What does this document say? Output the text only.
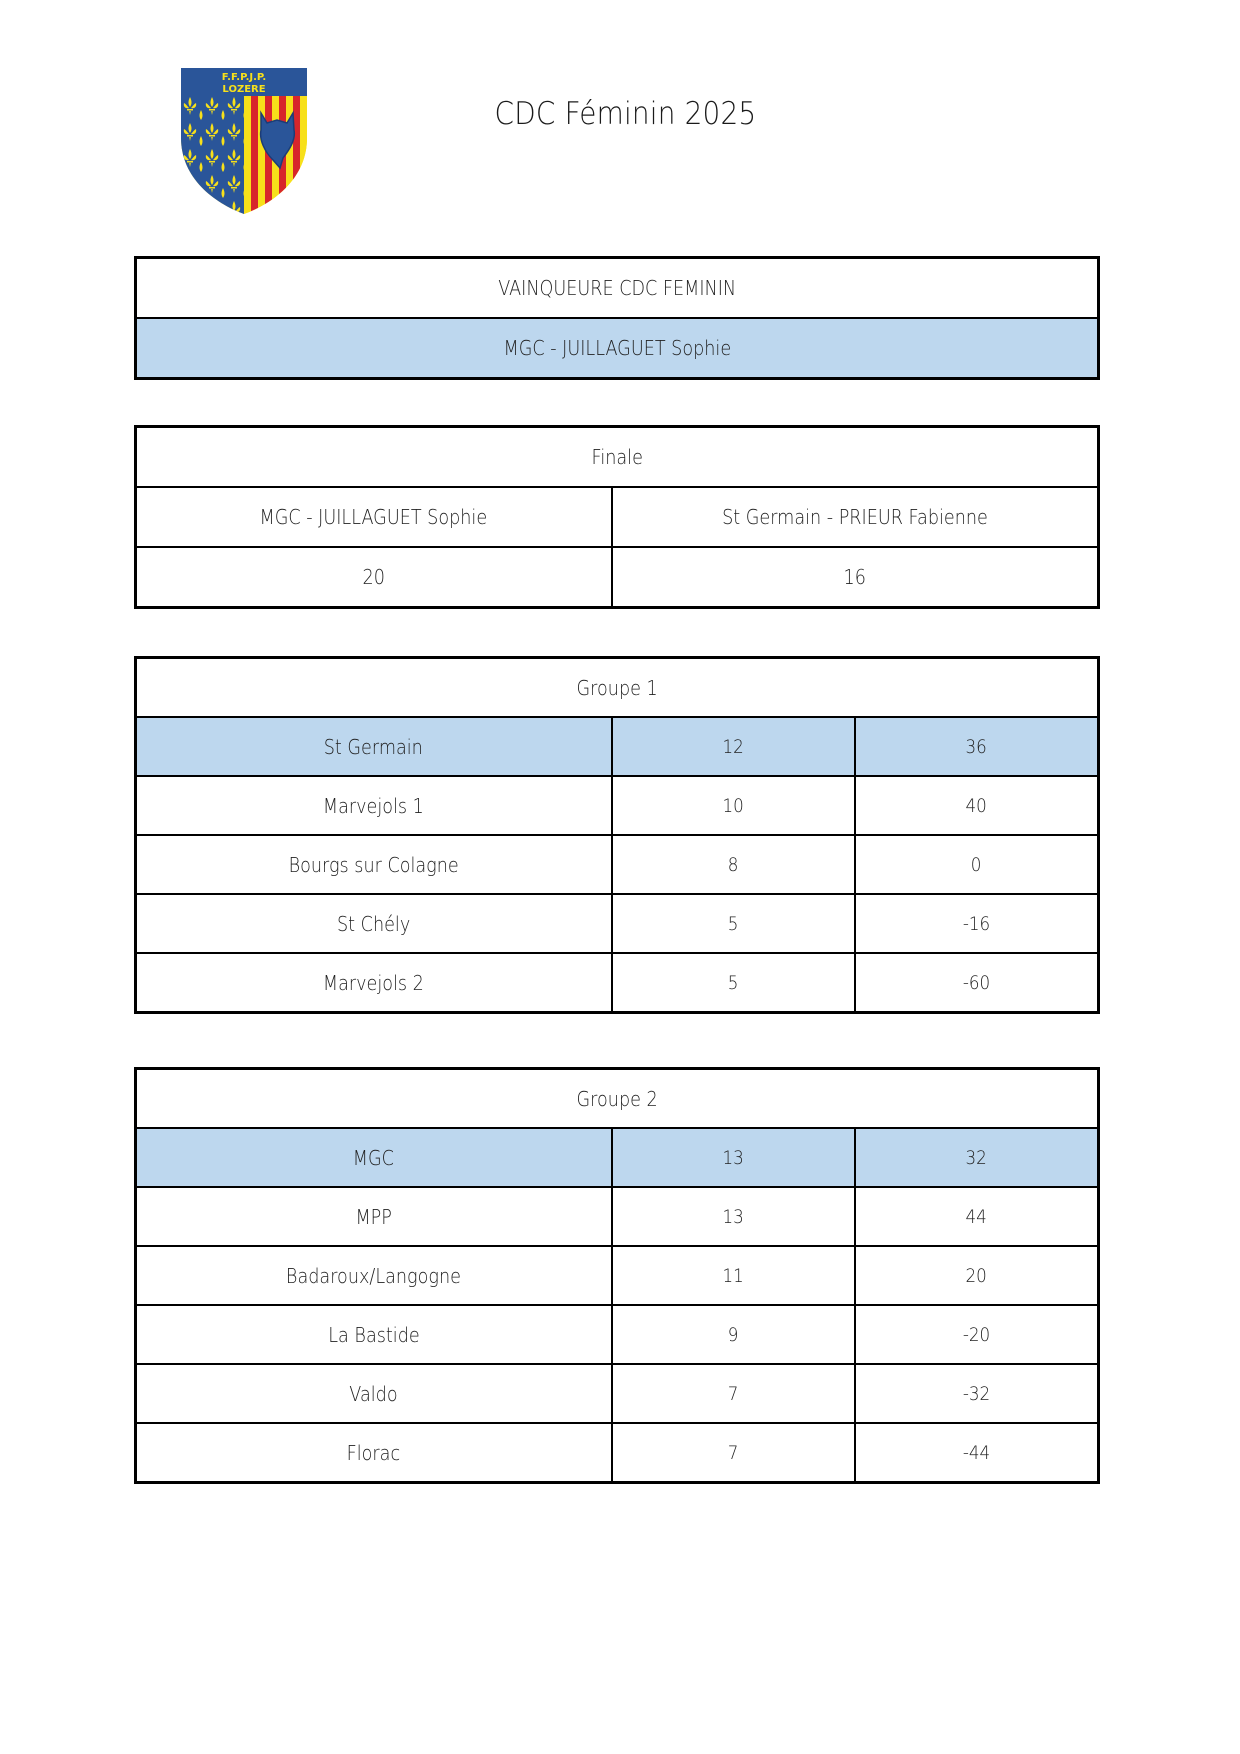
F.F.P.J.P.
LOZERE
CDC Féminin 2025
VAINQUEURE CDC FEMININ
MGC - JUILLAGUET Sophie
Finale	
MGC - JUILLAGUET Sophie	St Germain - PRIEUR Fabienne
20	16
Groupe 1		
St Germain	12	36
Marvejols 1	10	40
Bourgs sur Colagne	8	0
St Chély	5	-16
Marvejols 2	5	-60
Groupe 2		
MGC	13	32
MPP	13	44
Badaroux/Langogne	11	20
La Bastide	9	-20
Valdo	7	-32
Florac	7	-44
